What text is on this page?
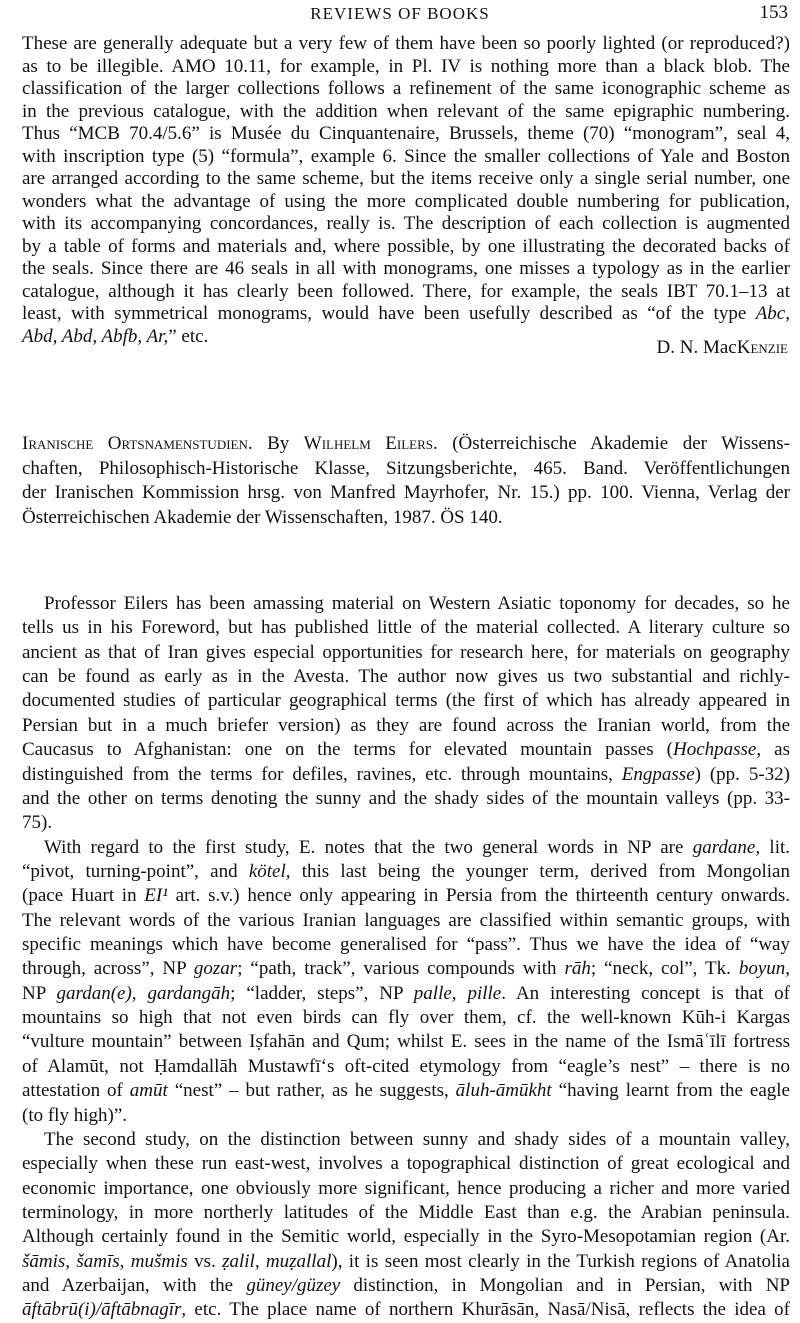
REVIEWS OF BOOKS	153
These are generally adequate but a very few of them have been so poorly lighted (or reproduced?)
as to be illegible. AMO 10.11, for example, in Pl. IV is nothing more than a black blob. The
classification of the larger collections follows a refinement of the same iconographic scheme as
in the previous catalogue, with the addition when relevant of the same epigraphic numbering.
Thus “MCB 70.4/5.6” is Musée du Cinquantenaire, Brussels, theme (70) “monogram”, seal 4,
with inscription type (5) “formula”, example 6. Since the smaller collections of Yale and Boston
are arranged according to the same scheme, but the items receive only a single serial number, one
wonders what the advantage of using the more complicated double numbering for publication,
with its accompanying concordances, really is. The description of each collection is augmented
by a table of forms and materials and, where possible, by one illustrating the decorated backs of
the seals. Since there are 46 seals in all with monograms, one misses a typology as in the earlier
catalogue, although it has clearly been followed. There, for example, the seals IBT 70.1–13 at
least, with symmetrical monograms, would have been usefully described as “of the type Abc,
Abd, Abd, Abfb, Ar,” etc.
D. N. MacKenzie
Iranische Ortsnamenstudien. By Wilhelm Eilers. (Österreichische Akademie der Wissens-
chaften, Philosophisch-Historische Klasse, Sitzungsberichte, 465. Band. Veröffentlichungen
der Iranischen Kommission hrsg. von Manfred Mayrhofer, Nr. 15.) pp. 100. Vienna, Verlag der
Österreichischen Akademie der Wissenschaften, 1987. ÖS 140.
Professor Eilers has been amassing material on Western Asiatic toponomy for decades, so he
tells us in his Foreword, but has published little of the material collected. A literary culture so
ancient as that of Iran gives especial opportunities for research here, for materials on geography
can be found as early as in the Avesta. The author now gives us two substantial and richly-
documented studies of particular geographical terms (the first of which has already appeared in
Persian but in a much briefer version) as they are found across the Iranian world, from the
Caucasus to Afghanistan: one on the terms for elevated mountain passes (Hochpasse, as
distinguished from the terms for defiles, ravines, etc. through mountains, Engpasse) (pp. 5-32)
and the other on terms denoting the sunny and the shady sides of the mountain valleys (pp. 33-
75).
With regard to the first study, E. notes that the two general words in NP are gardane, lit.
“pivot, turning-point”, and kötel, this last being the younger term, derived from Mongolian
(pace Huart in EI¹ art. s.v.) hence only appearing in Persia from the thirteenth century onwards.
The relevant words of the various Iranian languages are classified within semantic groups, with
specific meanings which have become generalised for “pass”. Thus we have the idea of “way
through, across”, NP gozar; “path, track”, various compounds with rāh; “neck, col”, Tk. boyun,
NP gardan(e), gardangāh; “ladder, steps”, NP palle, pille. An interesting concept is that of
mountains so high that not even birds can fly over them, cf. the well-known Kūh-i Kargas
“vulture mountain” between Iṣfahān and Qum; whilst E. sees in the name of the Ismāʿīlī fortress
of Alamūt, not Ḥamdallāh Mustawfī‘s oft-cited etymology from “eagle’s nest” – there is no
attestation of amūt “nest” – but rather, as he suggests, āluh-āmūkht “having learnt from the eagle
(to fly high)”.
The second study, on the distinction between sunny and shady sides of a mountain valley,
especially when these run east-west, involves a topographical distinction of great ecological and
economic importance, one obviously more significant, hence producing a richer and more varied
terminology, in more northerly latitudes of the Middle East than e.g. the Arabian peninsula.
Although certainly found in the Semitic world, especially in the Syro-Mesopotamian region (Ar.
šāmis, šamīs, mušmis vs. ẓalil, muẓallal), it is seen most clearly in the Turkish regions of Anatolia
and Azerbaijan, with the güney/güzey distinction, in Mongolian and in Persian, with NP
āftābrū(i)/āftābnagīr, etc. The place name of northern Khurāsān, Nasā/Nisā, reflects the idea of
